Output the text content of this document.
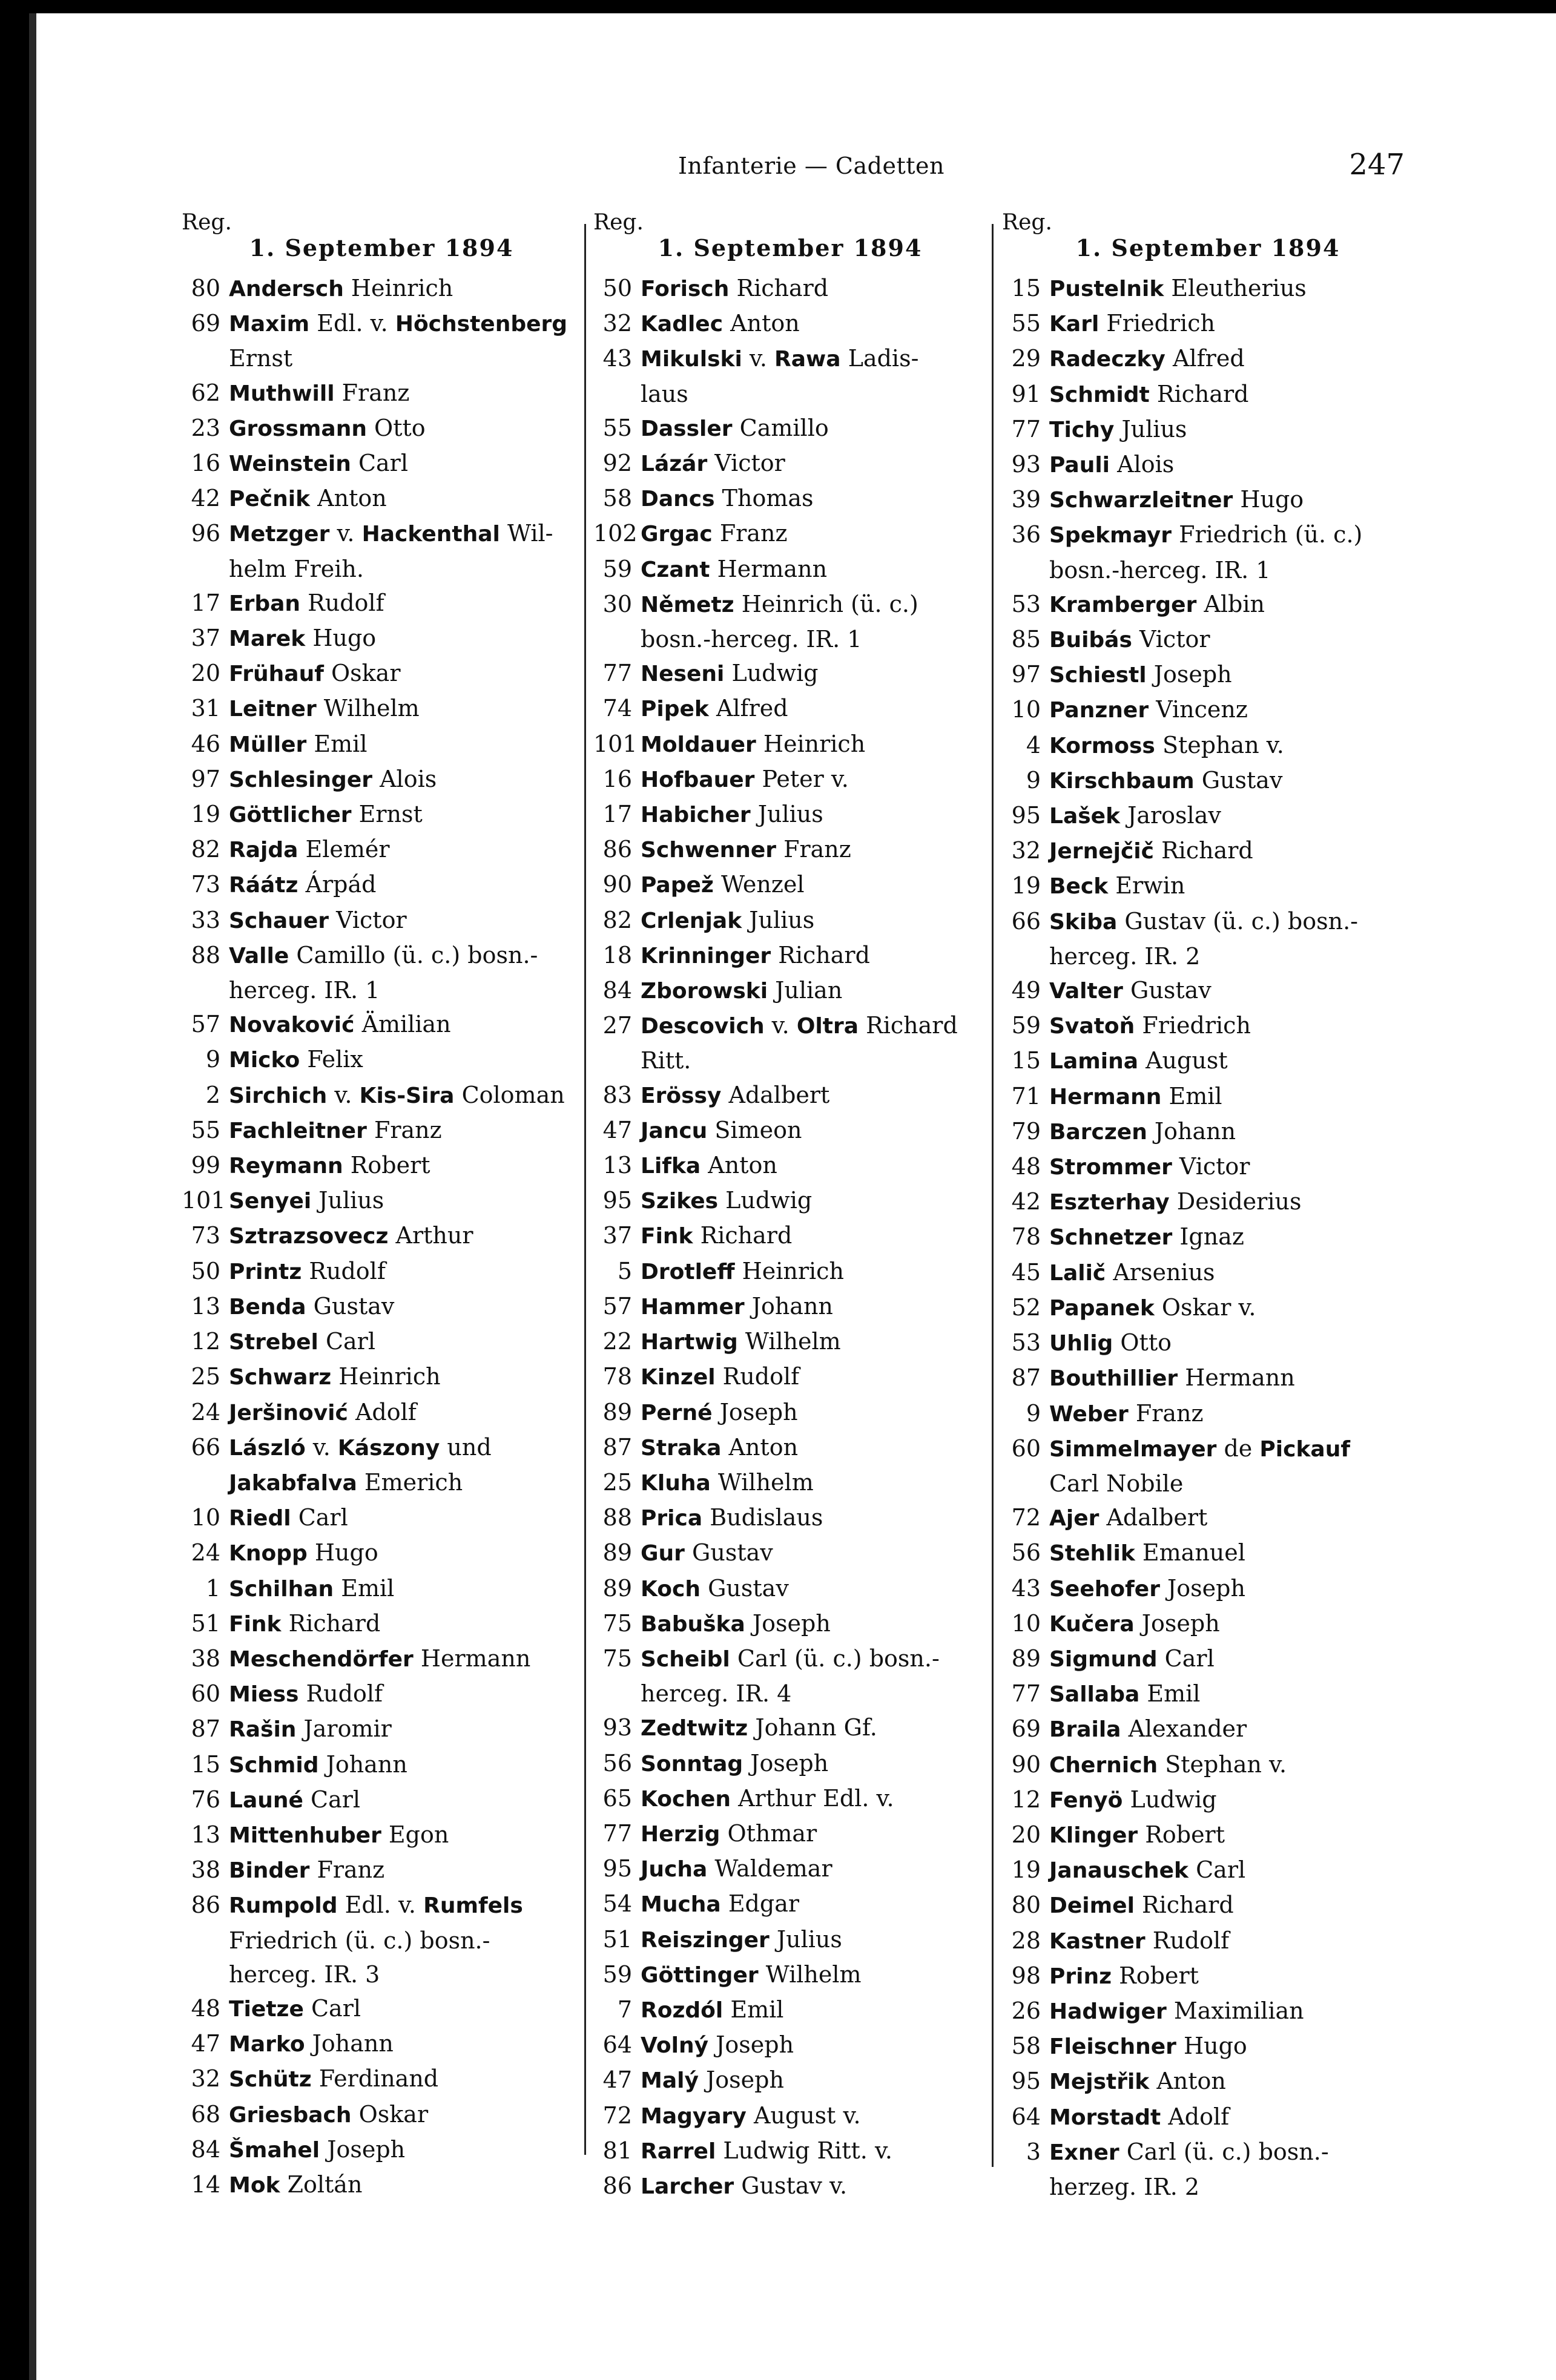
Infanterie — Cadetten	247
Reg.
1. September 1894
80 Andersch Heinrich
69 Maxim Edl. v. Höchstenberg
Ernst
62 Muthwill Franz
23 Grossmann Otto
16 Weinstein Carl
42 Pečnik Anton
96 Metzger v. Hackenthal Wil-
helm Freih.
17 Erban Rudolf
37 Marek Hugo
20 Frühauf Oskar
31 Leitner Wilhelm
46 Müller Emil
97 Schlesinger Alois
19 Göttlicher Ernst
82 Rajda Elemér
73 Ráátz Árpád
33 Schauer Victor
88 Valle Camillo (ü. c.) bosn.-
herceg. IR. 1
57 Novaković Ämilian
9 Micko Felix
2 Sirchich v. Kis-Sira Coloman
55 Fachleitner Franz
99 Reymann Robert
101 Senyei Julius
73 Sztrazsovecz Arthur
50 Printz Rudolf
13 Benda Gustav
12 Strebel Carl
25 Schwarz Heinrich
24 Jeršinović Adolf
66 László v. Kászony und
Jakabfalva Emerich
10 Riedl Carl
24 Knopp Hugo
1 Schilhan Emil
51 Fink Richard
38 Meschendörfer Hermann
60 Miess Rudolf
87 Rašin Jaromir
15 Schmid Johann
76 Launé Carl
13 Mittenhuber Egon
38 Binder Franz
86 Rumpold Edl. v. Rumfels
Friedrich (ü. c.) bosn.-
herceg. IR. 3
48 Tietze Carl
47 Marko Johann
32 Schütz Ferdinand
68 Griesbach Oskar
84 Šmahel Joseph
14 Mok Zoltán
Reg.
1. September 1894
50 Forisch Richard
32 Kadlec Anton
43 Mikulski v. Rawa Ladis-
laus
55 Dassler Camillo
92 Lázár Victor
58 Dancs Thomas
102 Grgac Franz
59 Czant Hermann
30 Němetz Heinrich (ü. c.)
bosn.-herceg. IR. 1
77 Neseni Ludwig
74 Pipek Alfred
101 Moldauer Heinrich
16 Hofbauer Peter v.
17 Habicher Julius
86 Schwenner Franz
90 Papež Wenzel
82 Crlenjak Julius
18 Krinninger Richard
84 Zborowski Julian
27 Descovich v. Oltra Richard
Ritt.
83 Erössy Adalbert
47 Jancu Simeon
13 Lifka Anton
95 Szikes Ludwig
37 Fink Richard
5 Drotleff Heinrich
57 Hammer Johann
22 Hartwig Wilhelm
78 Kinzel Rudolf
89 Perné Joseph
87 Straka Anton
25 Kluha Wilhelm
88 Prica Budislaus
89 Gur Gustav
89 Koch Gustav
75 Babuška Joseph
75 Scheibl Carl (ü. c.) bosn.-
herceg. IR. 4
93 Zedtwitz Johann Gf.
56 Sonntag Joseph
65 Kochen Arthur Edl. v.
77 Herzig Othmar
95 Jucha Waldemar
54 Mucha Edgar
51 Reiszinger Julius
59 Göttinger Wilhelm
7 Rozdól Emil
64 Volný Joseph
47 Malý Joseph
72 Magyary August v.
81 Rarrel Ludwig Ritt. v.
86 Larcher Gustav v.
Reg.
1. September 1894
15 Pustelnik Eleutherius
55 Karl Friedrich
29 Radeczky Alfred
91 Schmidt Richard
77 Tichy Julius
93 Pauli Alois
39 Schwarzleitner Hugo
36 Spekmayr Friedrich (ü. c.)
bosn.-herceg. IR. 1
53 Kramberger Albin
85 Buibás Victor
97 Schiestl Joseph
10 Panzner Vincenz
4 Kormoss Stephan v.
9 Kirschbaum Gustav
95 Lašek Jaroslav
32 Jernejčič Richard
19 Beck Erwin
66 Skiba Gustav (ü. c.) bosn.-
herceg. IR. 2
49 Valter Gustav
59 Svatoň Friedrich
15 Lamina August
71 Hermann Emil
79 Barczen Johann
48 Strommer Victor
42 Eszterhay Desiderius
78 Schnetzer Ignaz
45 Lalič Arsenius
52 Papanek Oskar v.
53 Uhlig Otto
87 Bouthillier Hermann
9 Weber Franz
60 Simmelmayer de Pickauf
Carl Nobile
72 Ajer Adalbert
56 Stehlik Emanuel
43 Seehofer Joseph
10 Kučera Joseph
89 Sigmund Carl
77 Sallaba Emil
69 Braila Alexander
90 Chernich Stephan v.
12 Fenyö Ludwig
20 Klinger Robert
19 Janauschek Carl
80 Deimel Richard
28 Kastner Rudolf
98 Prinz Robert
26 Hadwiger Maximilian
58 Fleischner Hugo
95 Mejstřik Anton
64 Morstadt Adolf
3 Exner Carl (ü. c.) bosn.-
herzeg. IR. 2
